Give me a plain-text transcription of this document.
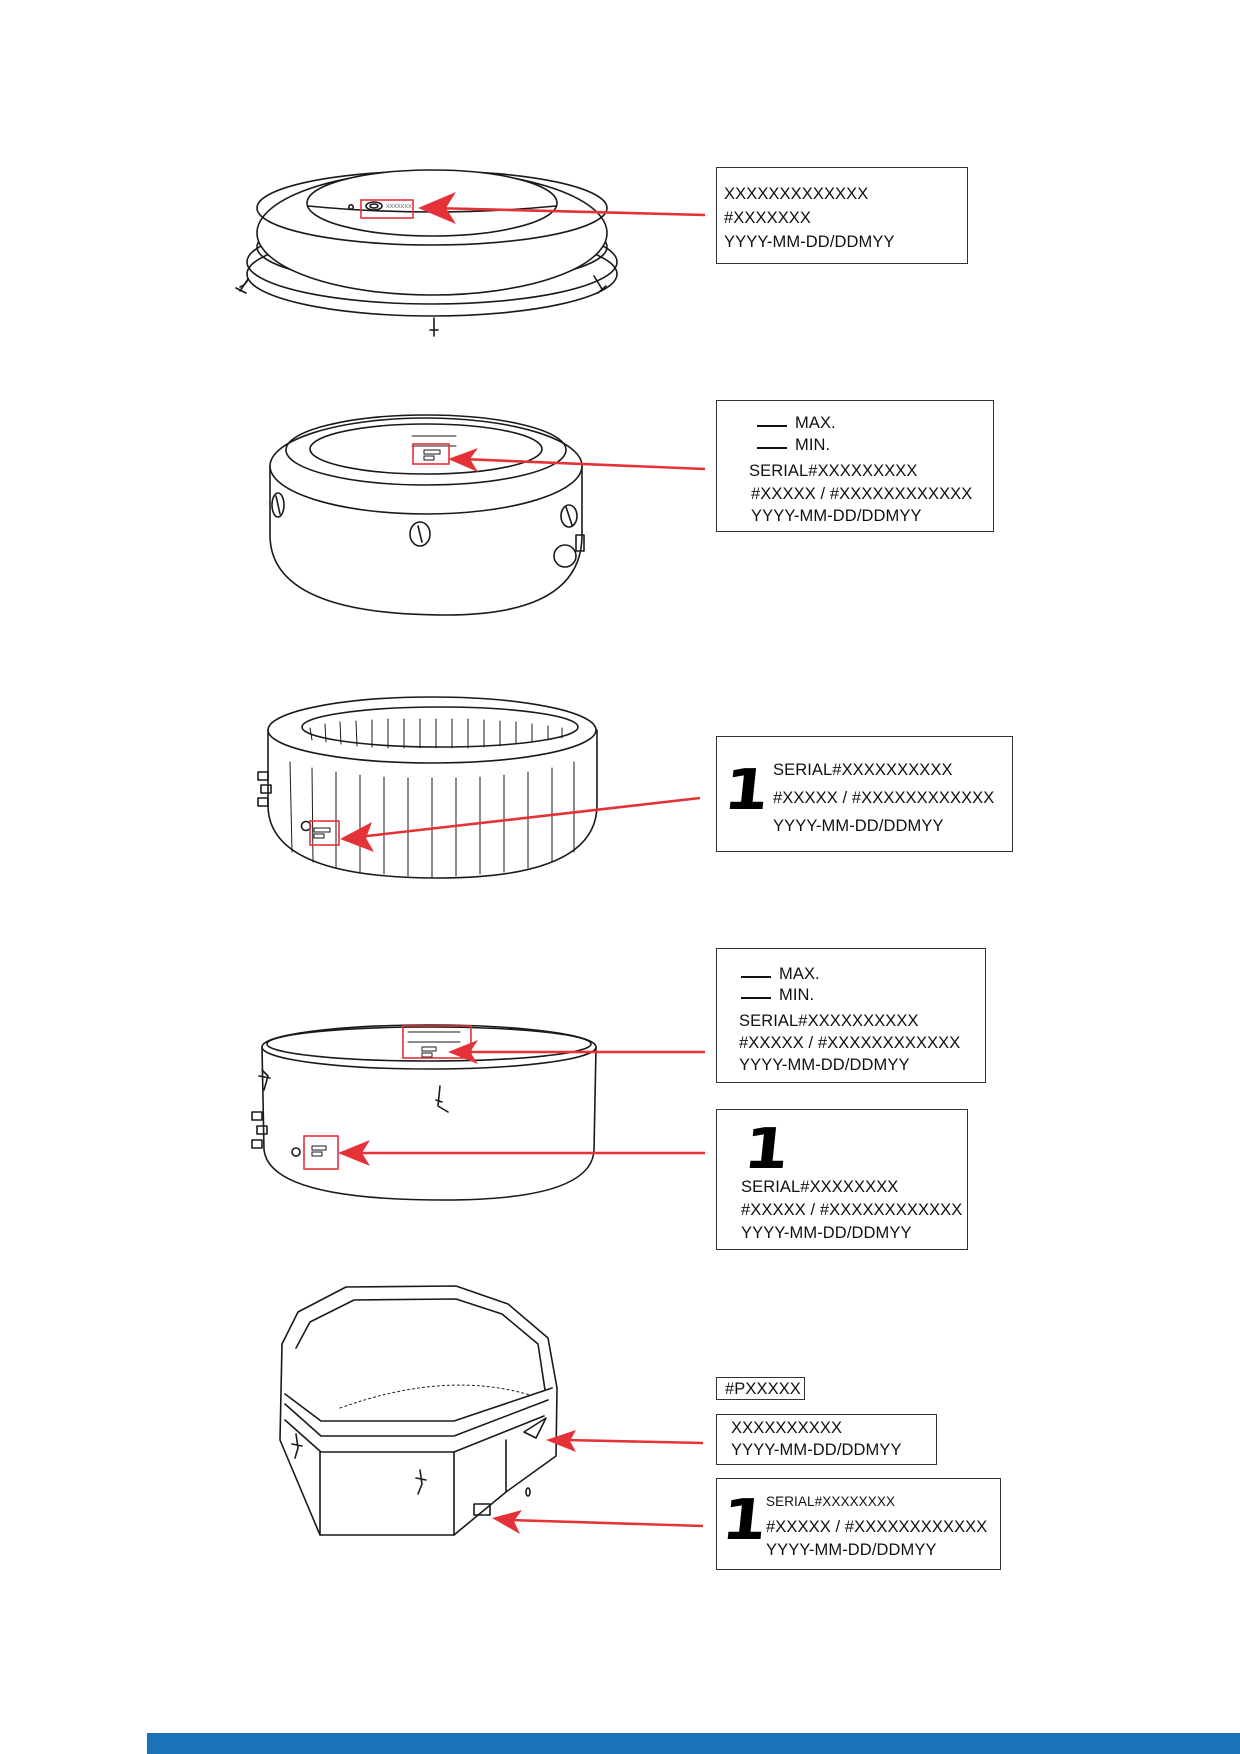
XXXXXXX
XXXXXXXXXXXXX
#XXXXXXX
YYYY-MM-DD/DDMYY
MAX.
MIN.
SERIAL#XXXXXXXXX
#XXXXX / #XXXXXXXXXXXX
YYYY-MM-DD/DDMYY
1 SERIAL#XXXXXXXXXX
#XXXXX / #XXXXXXXXXXXX
YYYY-MM-DD/DDMYY
MAX.
MIN.
SERIAL#XXXXXXXXXX
#XXXXX / #XXXXXXXXXXXX
YYYY-MM-DD/DDMYY
1
SERIAL#XXXXXXXX
#XXXXX / #XXXXXXXXXXXX
YYYY-MM-DD/DDMYY
#PXXXXX
XXXXXXXXXX
YYYY-MM-DD/DDMYY
1
SERIAL#XXXXXXXX
#XXXXX / #XXXXXXXXXXXX
YYYY-MM-DD/DDMYY
